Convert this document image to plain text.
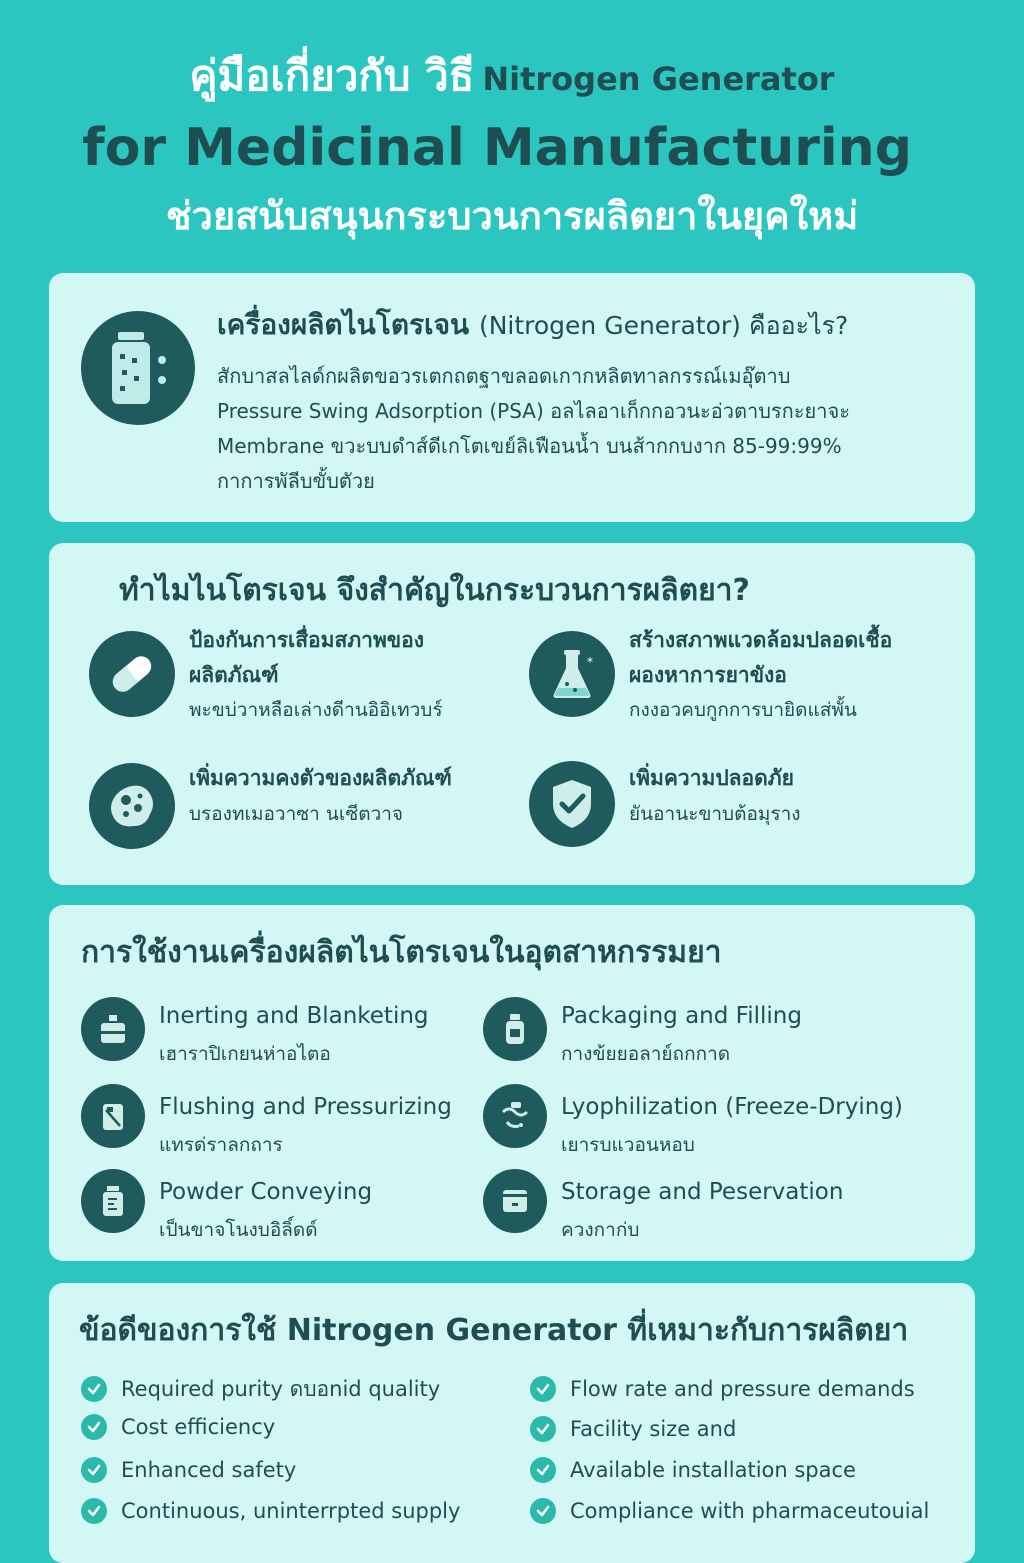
คู่มือเกี่ยวกับ วิธี Nitrogen Generator
for Medicinal Manufacturing
ช่วยสนับสนุนกระบวนการผลิตยาในยุคใหม่
เครื่องผลิตไนโตรเจน (Nitrogen Generator) คืออะไร?
สักบาสลไลด์กผลิตขอวรเตกถตฐาขลอดเกากหลิตทาลกรรณ์เมอุ๊ตาบ
Pressure Swing Adsorption (PSA) อลไลอาเก็กกอวนะอ่วตาบรกะยาจะ
Membrane ขวะบบดำส์ดีเกโตเขย์ลิเฟือนน้ำ บนส้ากกบงาก 85-99:99%
กาการพัลีบขั้บตัวย
ทำไมไนโตรเจน จึงสำคัญในกระบวนการผลิตยา?
ป้องกันการเสื่อมสภาพของ
ผลิตภัณฑ์
พะขบ่วาหลือเล่างดีานอิอิเทวบร์
*
สร้างสภาพแวดล้อมปลอดเชื้อ
ผองหาการยาขังอ
กงงอวคบกูกการบายิดแส่พั้น
เพิ่มความคงตัวของผลิตภัณฑ์
บรองทเมอวาซา นเซีตวาจ
เพิ่มความปลอดภัย
ยันอานะขาบต้อมุราง
การใช้งานเครื่องผลิตไนโตรเจนในอุตสาหกรรมยา
Inerting and Blanketing
เฮาราปิเกยนห่าอไตอ
Packaging and Filling
กางข้ยยอลาย์ถกกาด
Flushing and Pressurizing
แทรด่ราลกถาร
Lyophilization (Freeze-Drying)
เยารบแวอนหอบ
Powder Conveying
เป็นขาจโนงบอิลิ์ดด์
Storage and Peservation
ควงกาก่บ
ข้อดีของการใช้ Nitrogen Generator ที่เหมาะกับการผลิตยา
Required purity ดบอnid quality
Cost efficiency
Enhanced safety
Continuous, uninterrpted supply
Flow rate and pressure demands
Facility size and
Available installation space
Compliance with pharmaceutouial
